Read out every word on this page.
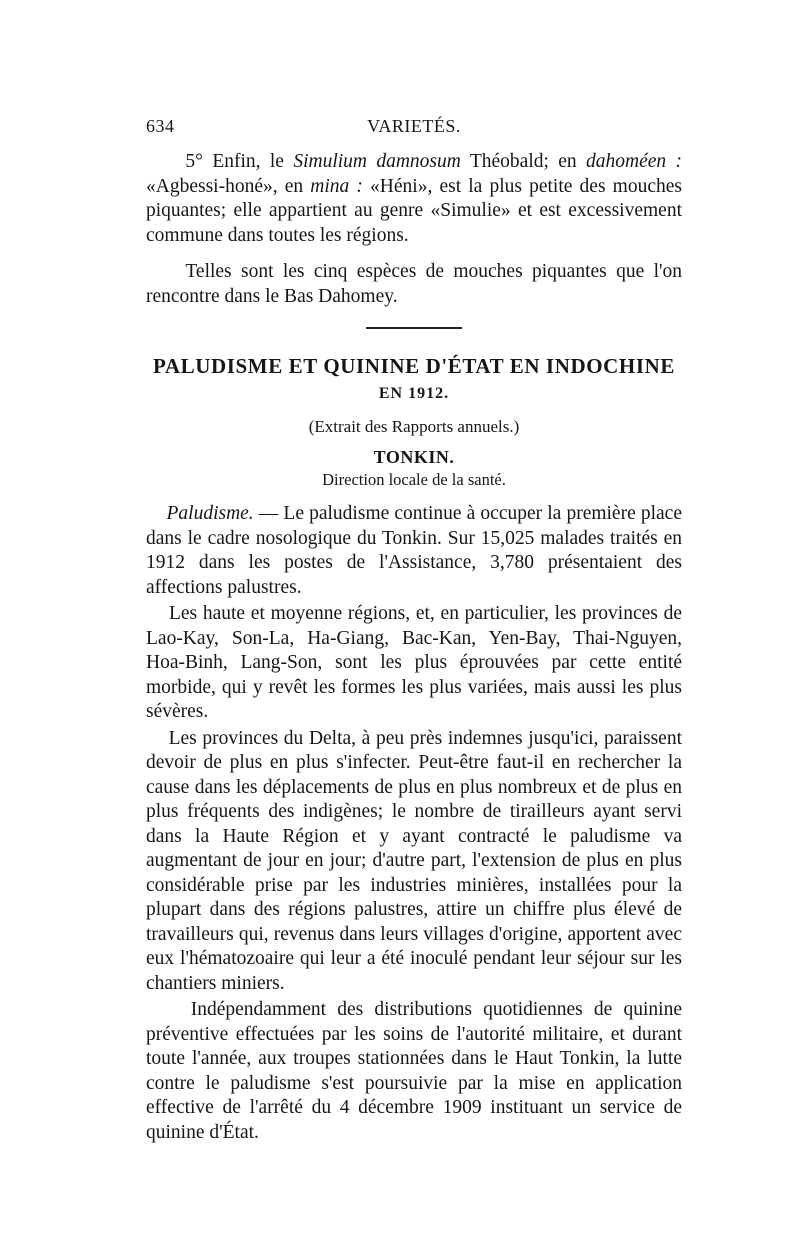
634	VARIETÉS.

5° Enfin, le Simulium damnosum Théobald; en dahoméen : «Agbessi-honé», en mina : «Héni», est la plus petite des mouches piquantes; elle appartient au genre «Simulie» et est excessivement commune dans toutes les régions.

Telles sont les cinq espèces de mouches piquantes que l'on rencontre dans le Bas Dahomey.

PALUDISME ET QUININE D'ÉTAT EN INDOCHINE
EN 1912.
(Extrait des Rapports annuels.)
TONKIN.
Direction locale de la santé.

Paludisme. — Le paludisme continue à occuper la première place dans le cadre nosologique du Tonkin. Sur 15,025 malades traités en 1912 dans les postes de l'Assistance, 3,780 présentaient des affections palustres.

Les haute et moyenne régions, et, en particulier, les provinces de Lao-Kay, Son-La, Ha-Giang, Bac-Kan, Yen-Bay, Thai-Nguyen, Hoa-Binh, Lang-Son, sont les plus éprouvées par cette entité morbide, qui y revêt les formes les plus variées, mais aussi les plus sévères.

Les provinces du Delta, à peu près indemnes jusqu'ici, paraissent devoir de plus en plus s'infecter. Peut-être faut-il en rechercher la cause dans les déplacements de plus en plus nombreux et de plus en plus fréquents des indigènes; le nombre de tirailleurs ayant servi dans la Haute Région et y ayant contracté le paludisme va augmentant de jour en jour; d'autre part, l'extension de plus en plus considérable prise par les industries minières, installées pour la plupart dans des régions palustres, attire un chiffre plus élevé de travailleurs qui, revenus dans leurs villages d'origine, apportent avec eux l'hématozoaire qui leur a été inoculé pendant leur séjour sur les chantiers miniers.

Indépendamment des distributions quotidiennes de quinine préventive effectuées par les soins de l'autorité militaire, et durant toute l'année, aux troupes stationnées dans le Haut Tonkin, la lutte contre le paludisme s'est poursuivie par la mise en application effective de l'arrêté du 4 décembre 1909 instituant un service de quinine d'État.
